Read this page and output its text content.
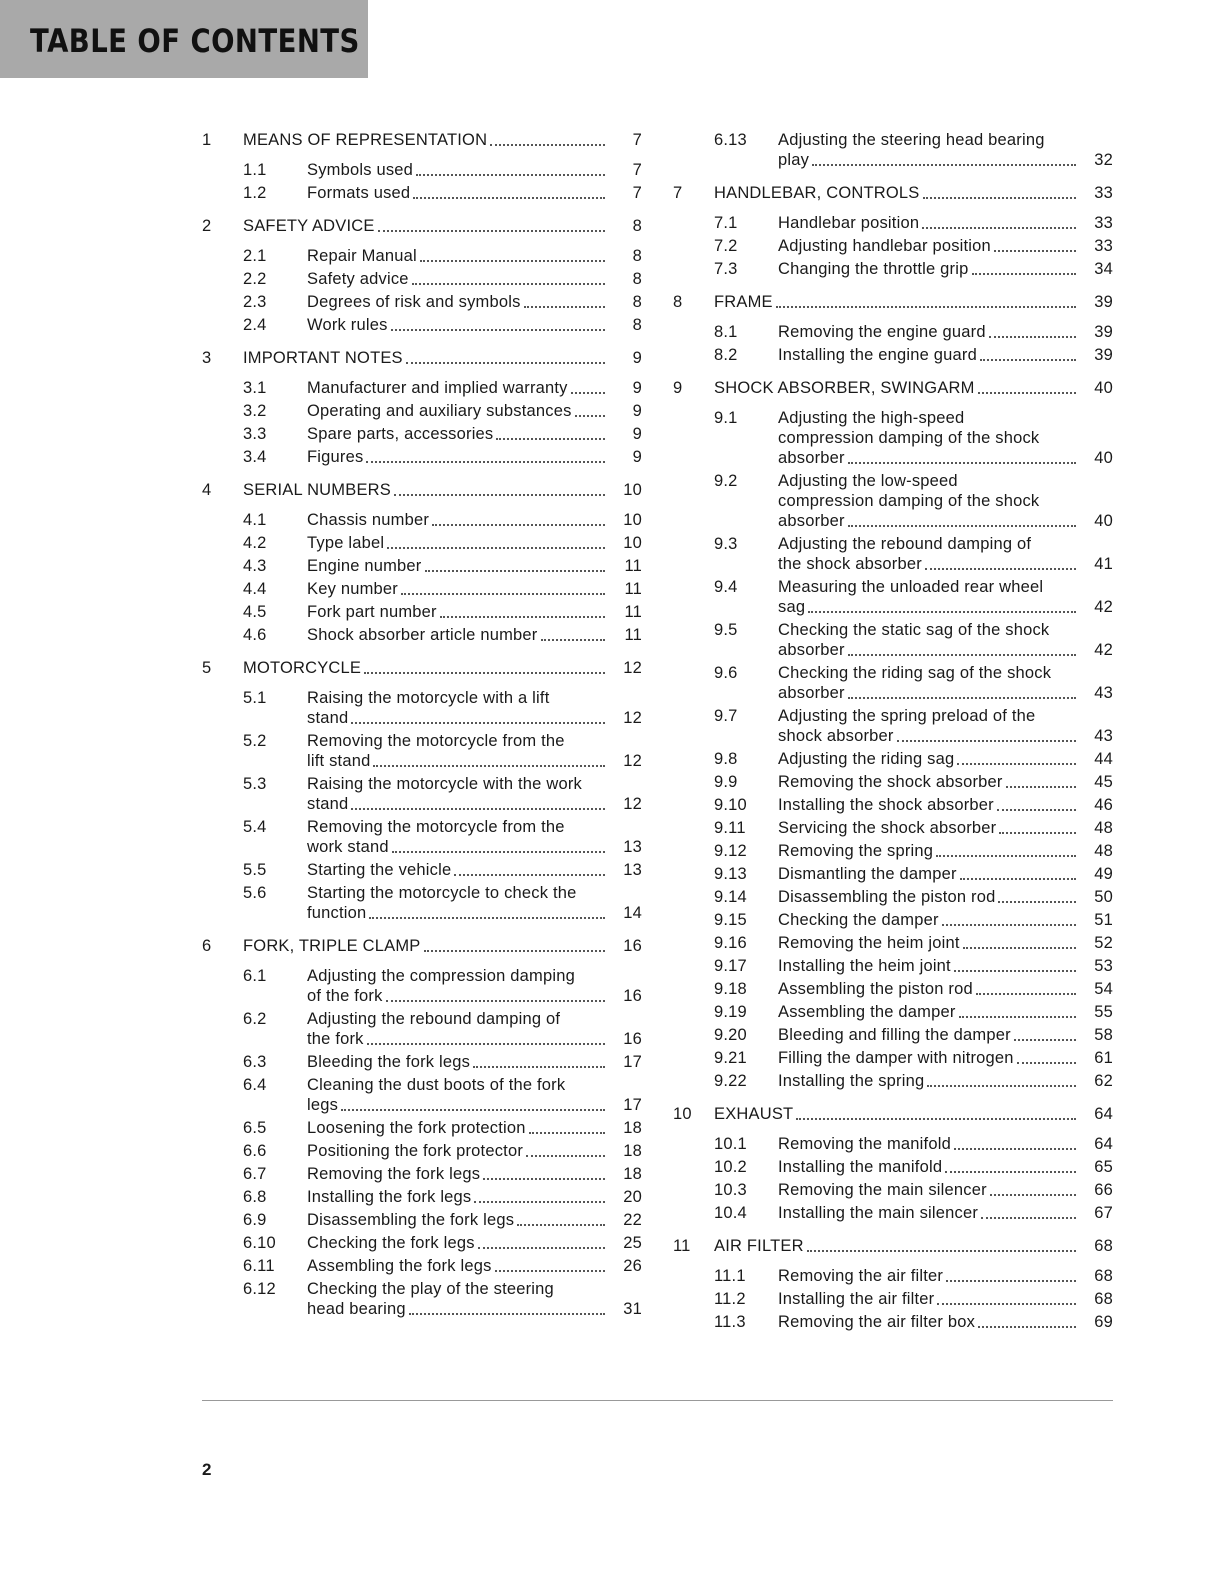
TABLE OF CONTENTS
1	MEANS OF REPRESENTATION	7
1.1	Symbols used	7
1.2	Formats used	7
2	SAFETY ADVICE	8
2.1	Repair Manual	8
2.2	Safety advice	8
2.3	Degrees of risk and symbols	8
2.4	Work rules	8
3	IMPORTANT NOTES	9
3.1	Manufacturer and implied warranty	9
3.2	Operating and auxiliary substances	9
3.3	Spare parts, accessories	9
3.4	Figures	9
4	SERIAL NUMBERS	10
4.1	Chassis number	10
4.2	Type label	10
4.3	Engine number	11
4.4	Key number	11
4.5	Fork part number	11
4.6	Shock absorber article number	11
5	MOTORCYCLE	12
5.1	Raising the motorcycle with a lift
stand	12
5.2	Removing the motorcycle from the
lift stand	12
5.3	Raising the motorcycle with the work
stand	12
5.4	Removing the motorcycle from the
work stand	13
5.5	Starting the vehicle	13
5.6	Starting the motorcycle to check the
function	14
6	FORK, TRIPLE CLAMP	16
6.1	Adjusting the compression damping
of the fork	16
6.2	Adjusting the rebound damping of
the fork	16
6.3	Bleeding the fork legs	17
6.4	Cleaning the dust boots of the fork
legs	17
6.5	Loosening the fork protection	18
6.6	Positioning the fork protector	18
6.7	Removing the fork legs	18
6.8	Installing the fork legs	20
6.9	Disassembling the fork legs	22
6.10	Checking the fork legs	25
6.11	Assembling the fork legs	26
6.12	Checking the play of the steering
head bearing	31
6.13	Adjusting the steering head bearing
play	32
7	HANDLEBAR, CONTROLS	33
7.1	Handlebar position	33
7.2	Adjusting handlebar position	33
7.3	Changing the throttle grip	34
8	FRAME	39
8.1	Removing the engine guard	39
8.2	Installing the engine guard	39
9	SHOCK ABSORBER, SWINGARM	40
9.1	Adjusting the high-speed
compression damping of the shock
absorber	40
9.2	Adjusting the low-speed
compression damping of the shock
absorber	40
9.3	Adjusting the rebound damping of
the shock absorber	41
9.4	Measuring the unloaded rear wheel
sag	42
9.5	Checking the static sag of the shock
absorber	42
9.6	Checking the riding sag of the shock
absorber	43
9.7	Adjusting the spring preload of the
shock absorber	43
9.8	Adjusting the riding sag	44
9.9	Removing the shock absorber	45
9.10	Installing the shock absorber	46
9.11	Servicing the shock absorber	48
9.12	Removing the spring	48
9.13	Dismantling the damper	49
9.14	Disassembling the piston rod	50
9.15	Checking the damper	51
9.16	Removing the heim joint	52
9.17	Installing the heim joint	53
9.18	Assembling the piston rod	54
9.19	Assembling the damper	55
9.20	Bleeding and filling the damper	58
9.21	Filling the damper with nitrogen	61
9.22	Installing the spring	62
10	EXHAUST	64
10.1	Removing the manifold	64
10.2	Installing the manifold	65
10.3	Removing the main silencer	66
10.4	Installing the main silencer	67
11	AIR FILTER	68
11.1	Removing the air filter	68
11.2	Installing the air filter	68
11.3	Removing the air filter box	69
2
